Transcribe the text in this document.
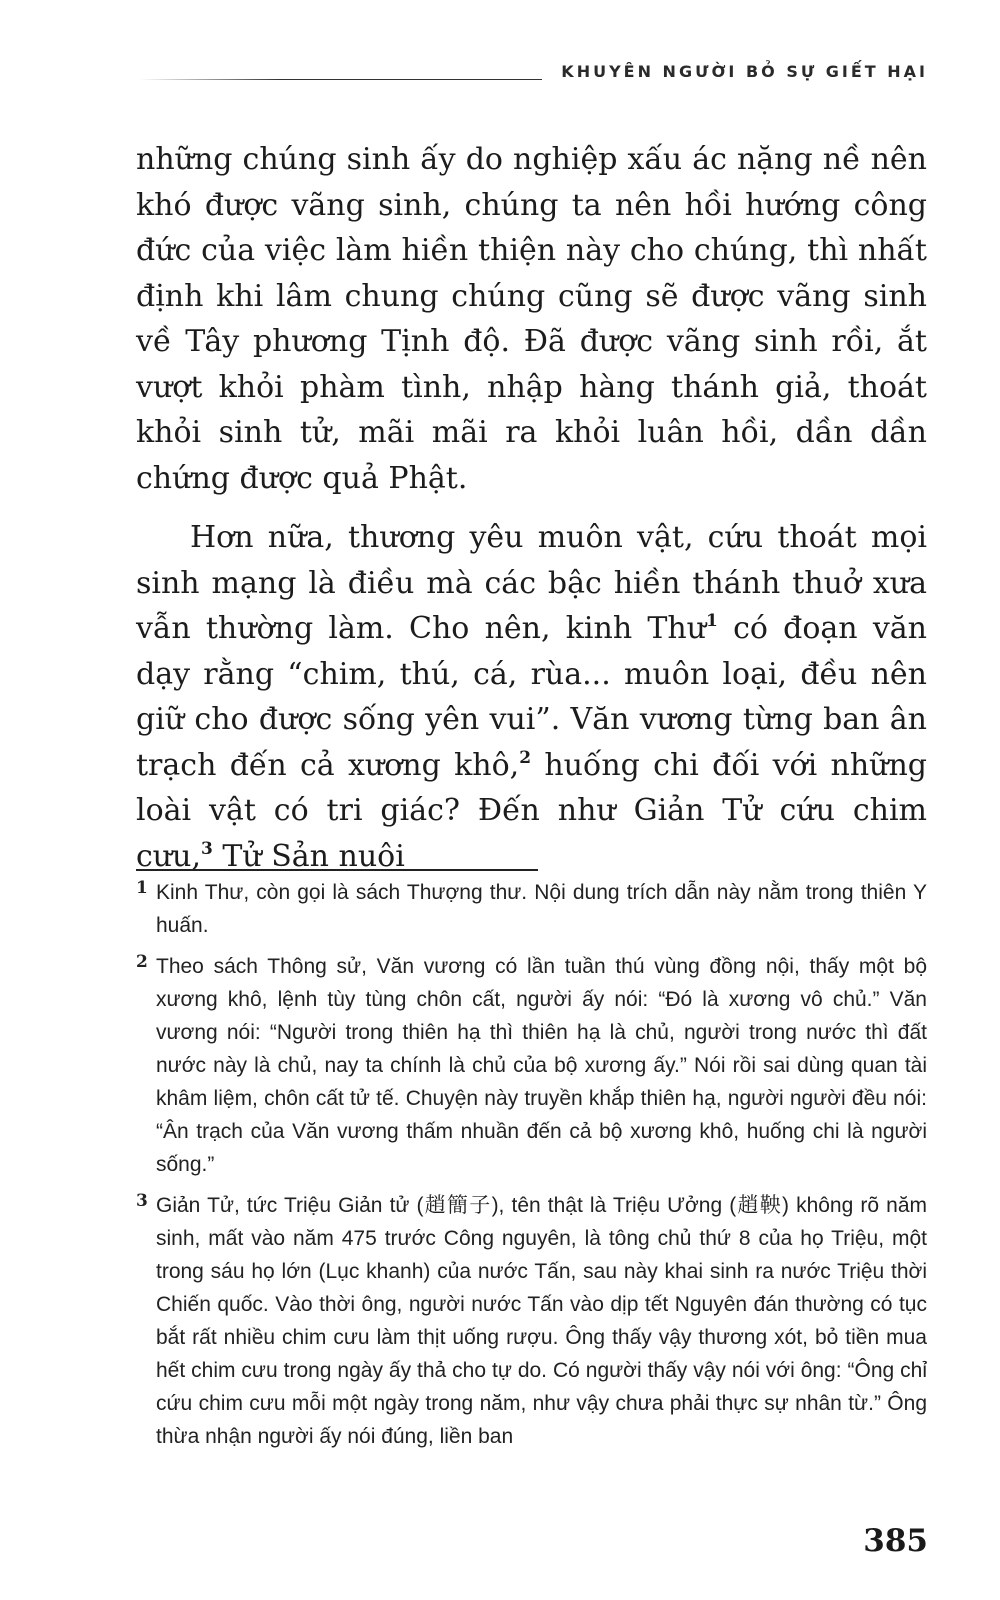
KHUYÊN NGƯỜI BỎ SỰ GIẾT HẠI

những chúng sinh ấy do nghiệp xấu ác nặng nề nên khó được vãng sinh, chúng ta nên hồi hướng công đức của việc làm hiền thiện này cho chúng, thì nhất định khi lâm chung chúng cũng sẽ được vãng sinh về Tây phương Tịnh độ. Đã được vãng sinh rồi, ắt vượt khỏi phàm tình, nhập hàng thánh giả, thoát khỏi sinh tử, mãi mãi ra khỏi luân hồi, dần dần chứng được quả Phật.

Hơn nữa, thương yêu muôn vật, cứu thoát mọi sinh mạng là điều mà các bậc hiền thánh thuở xưa vẫn thường làm. Cho nên, kinh Thư$^1$ có đoạn văn dạy rằng “chim, thú, cá, rùa... muôn loại, đều nên giữ cho được sống yên vui”. Văn vương từng ban ân trạch đến cả xương khô,$^2$ huống chi đối với những loài vật có tri giác? Đến như Giản Tử cứu chim cưu,$^3$ Tử Sản nuôi

1 Kinh Thư, còn gọi là sách Thượng thư. Nội dung trích dẫn này nằm trong thiên Y huấn.
2 Theo sách Thông sử, Văn vương có lần tuần thú vùng đồng nội, thấy một bộ xương khô, lệnh tùy tùng chôn cất, người ấy nói: “Đó là xương vô chủ.” Văn vương nói: “Người trong thiên hạ thì thiên hạ là chủ, người trong nước thì đất nước này là chủ, nay ta chính là chủ của bộ xương ấy.” Nói rồi sai dùng quan tài khâm liệm, chôn cất tử tế. Chuyện này truyền khắp thiên hạ, người người đều nói: “Ân trạch của Văn vương thấm nhuần đến cả bộ xương khô, huống chi là người sống.”
3 Giản Tử, tức Triệu Giản tử (趙簡子), tên thật là Triệu Ưởng (趙鞅) không rõ năm sinh, mất vào năm 475 trước Công nguyên, là tông chủ thứ 8 của họ Triệu, một trong sáu họ lớn (Lục khanh) của nước Tấn, sau này khai sinh ra nước Triệu thời Chiến quốc. Vào thời ông, người nước Tấn vào dịp tết Nguyên đán thường có tục bắt rất nhiều chim cưu làm thịt uống rượu. Ông thấy vậy thương xót, bỏ tiền mua hết chim cưu trong ngày ấy thả cho tự do. Có người thấy vậy nói với ông: “Ông chỉ cứu chim cưu mỗi một ngày trong năm, như vậy chưa phải thực sự nhân từ.” Ông thừa nhận người ấy nói đúng, liền ban
385
